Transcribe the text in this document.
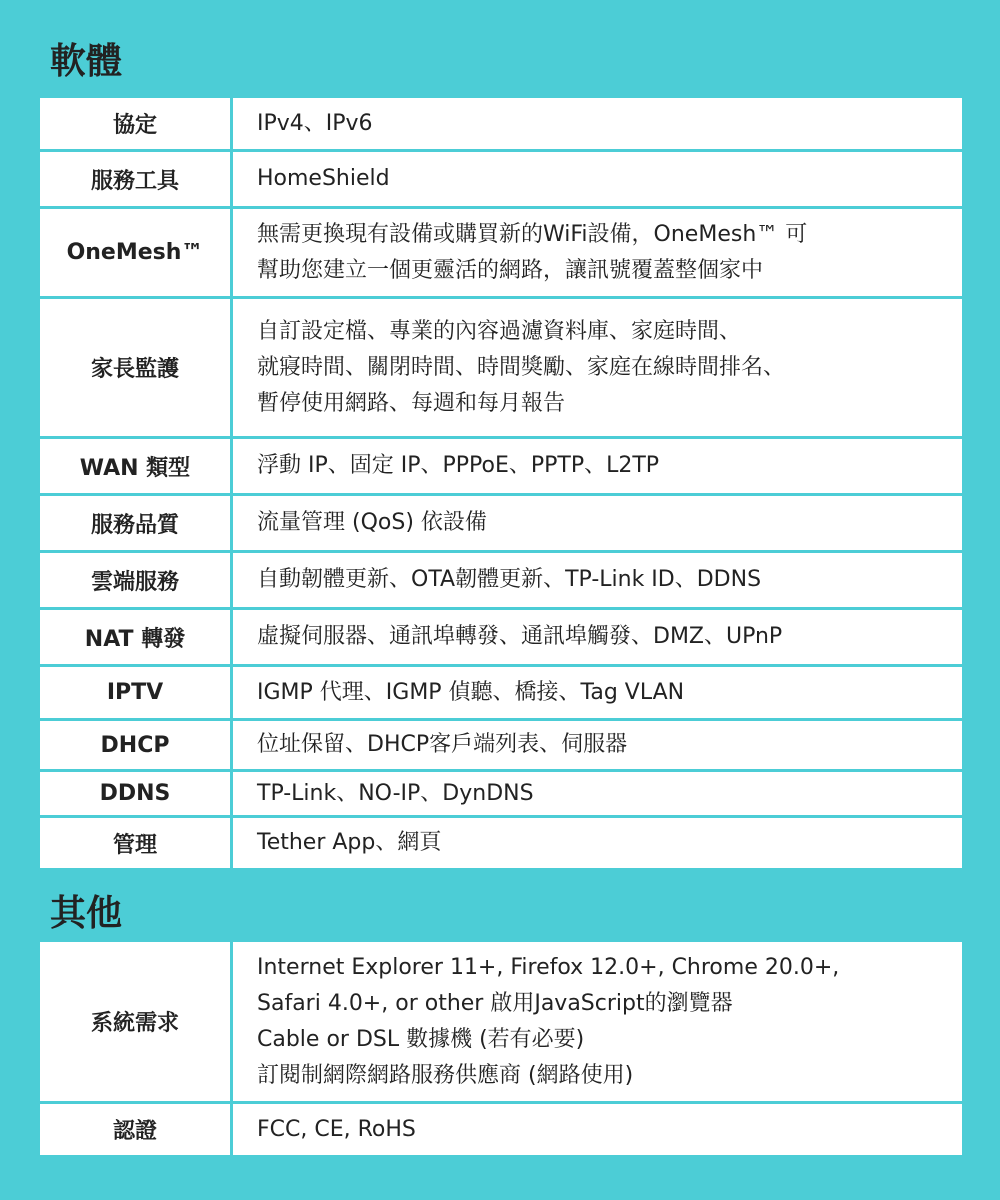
軟體
協定	IPv4、IPv6

服務工具	HomeShield

OneMesh™	無需更換現有設備或購買新的WiFi設備，OneMesh™ 可
幫助您建立一個更靈活的網路，讓訊號覆蓋整個家中

家長監護	自訂設定檔、專業的內容過濾資料庫、家庭時間、
就寢時間、關閉時間、時間獎勵、家庭在線時間排名、
暫停使用網路、每週和每月報告

WAN 類型	浮動 IP、固定 IP、PPPoE、PPTP、L2TP

服務品質	流量管理 (QoS) 依設備

雲端服務	自動韌體更新、OTA韌體更新、TP-Link ID、DDNS

NAT 轉發	虛擬伺服器、通訊埠轉發、通訊埠觸發、DMZ、UPnP

IPTV	IGMP 代理、IGMP 偵聽、橋接、Tag VLAN

DHCP	位址保留、DHCP客戶端列表、伺服器

DDNS	TP-Link、NO-IP、DynDNS

管理	Tether App、網頁
其他
系統需求	Internet Explorer 11+, Firefox 12.0+, Chrome 20.0+,
Safari 4.0+, or other 啟用JavaScript的瀏覽器
Cable or DSL 數據機 (若有必要)
訂閱制網際網路服務供應商 (網路使用)

認證	FCC, CE, RoHS
